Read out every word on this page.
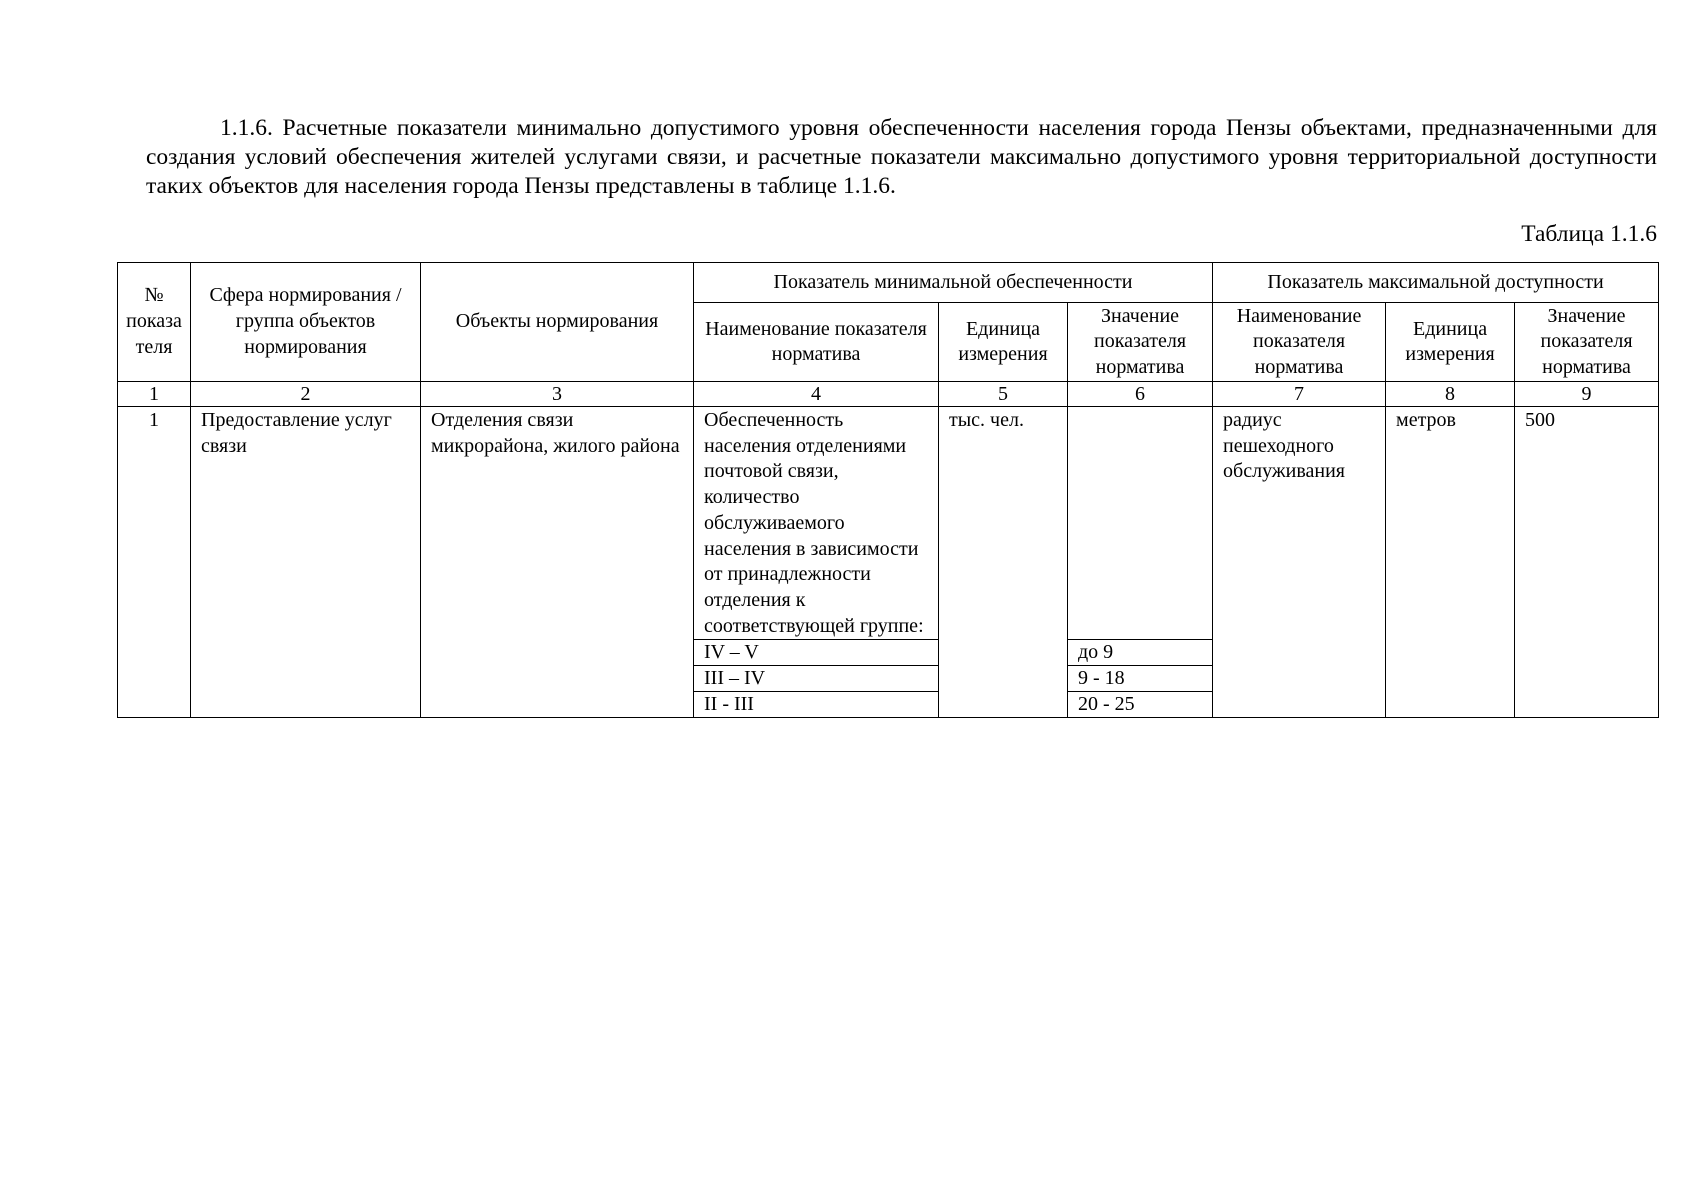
1.1.6. Расчетные показатели минимально допустимого уровня обеспеченности населения города Пензы объектами, предназначенными для создания условий обеспечения жителей услугами связи, и расчетные показатели максимально допустимого уровня территориальной доступности таких объектов для населения города Пензы представлены в таблице 1.1.6.

Таблица 1.1.6

№ показа теля	Сфера нормирования / группа объектов нормирования	Объекты нормирования	Показатель минимальной обеспеченности			Показатель максимальной доступности		
			Наименование показателя норматива	Единица измерения	Значение показателя норматива	Наименование показателя норматива	Единица измерения	Значение показателя норматива
1	2	3	4	5	6	7	8	9
1	Предоставление услуг связи	Отделения связи микрорайона, жилого района	Обеспеченность населения отделениями почтовой связи, количество обслуживаемого населения в зависимости от принадлежности отделения к соответствующей группе:	тыс. чел.		радиус пешеходного обслуживания	метров	500
			IV – V		до 9			
			III – IV		9 - 18			
			II - III		20 - 25			
